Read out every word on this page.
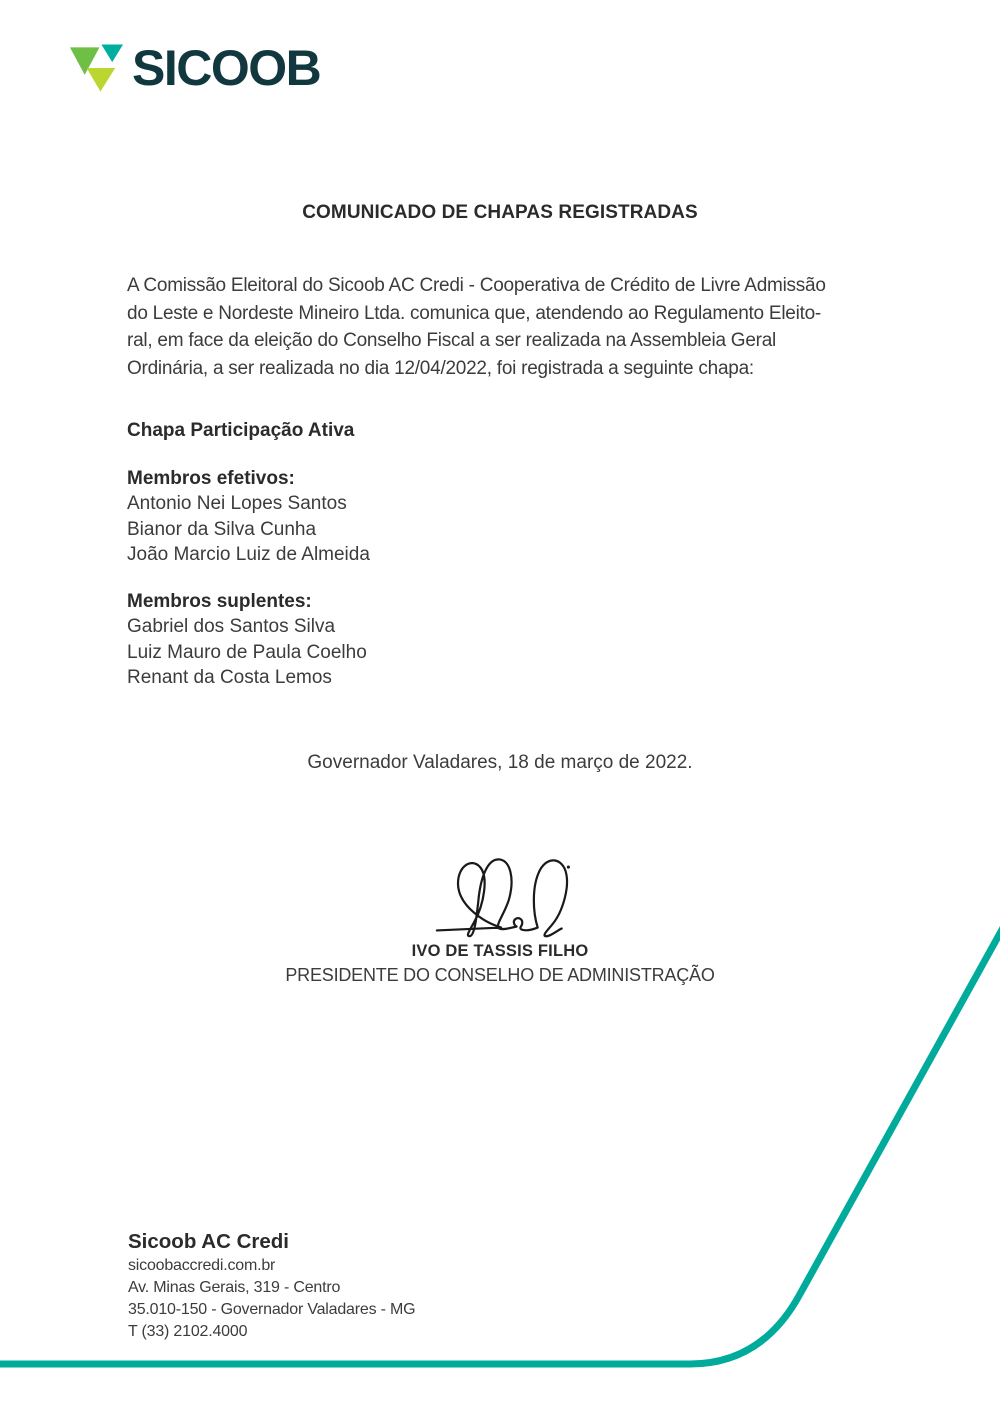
SICOOB
COMUNICADO DE CHAPAS REGISTRADAS
A Comissão Eleitoral do Sicoob AC Credi - Cooperativa de Crédito de Livre Admissão
do Leste e Nordeste Mineiro Ltda. comunica que, atendendo ao Regulamento Eleito-
ral, em face da eleição do Conselho Fiscal a ser realizada na Assembleia Geral
Ordinária, a ser realizada no dia 12/04/2022, foi registrada a seguinte chapa:
Chapa Participação Ativa
Membros efetivos:
Antonio Nei Lopes Santos
Bianor da Silva Cunha
João Marcio Luiz de Almeida
Membros suplentes:
Gabriel dos Santos Silva
Luiz Mauro de Paula Coelho
Renant da Costa Lemos
Governador Valadares, 18 de março de 2022.
IVO DE TASSIS FILHO
PRESIDENTE DO CONSELHO DE ADMINISTRAÇÃO
Sicoob AC Credi
sicoobaccredi.com.br
Av. Minas Gerais, 319 - Centro
35.010-150 - Governador Valadares - MG
T (33) 2102.4000
